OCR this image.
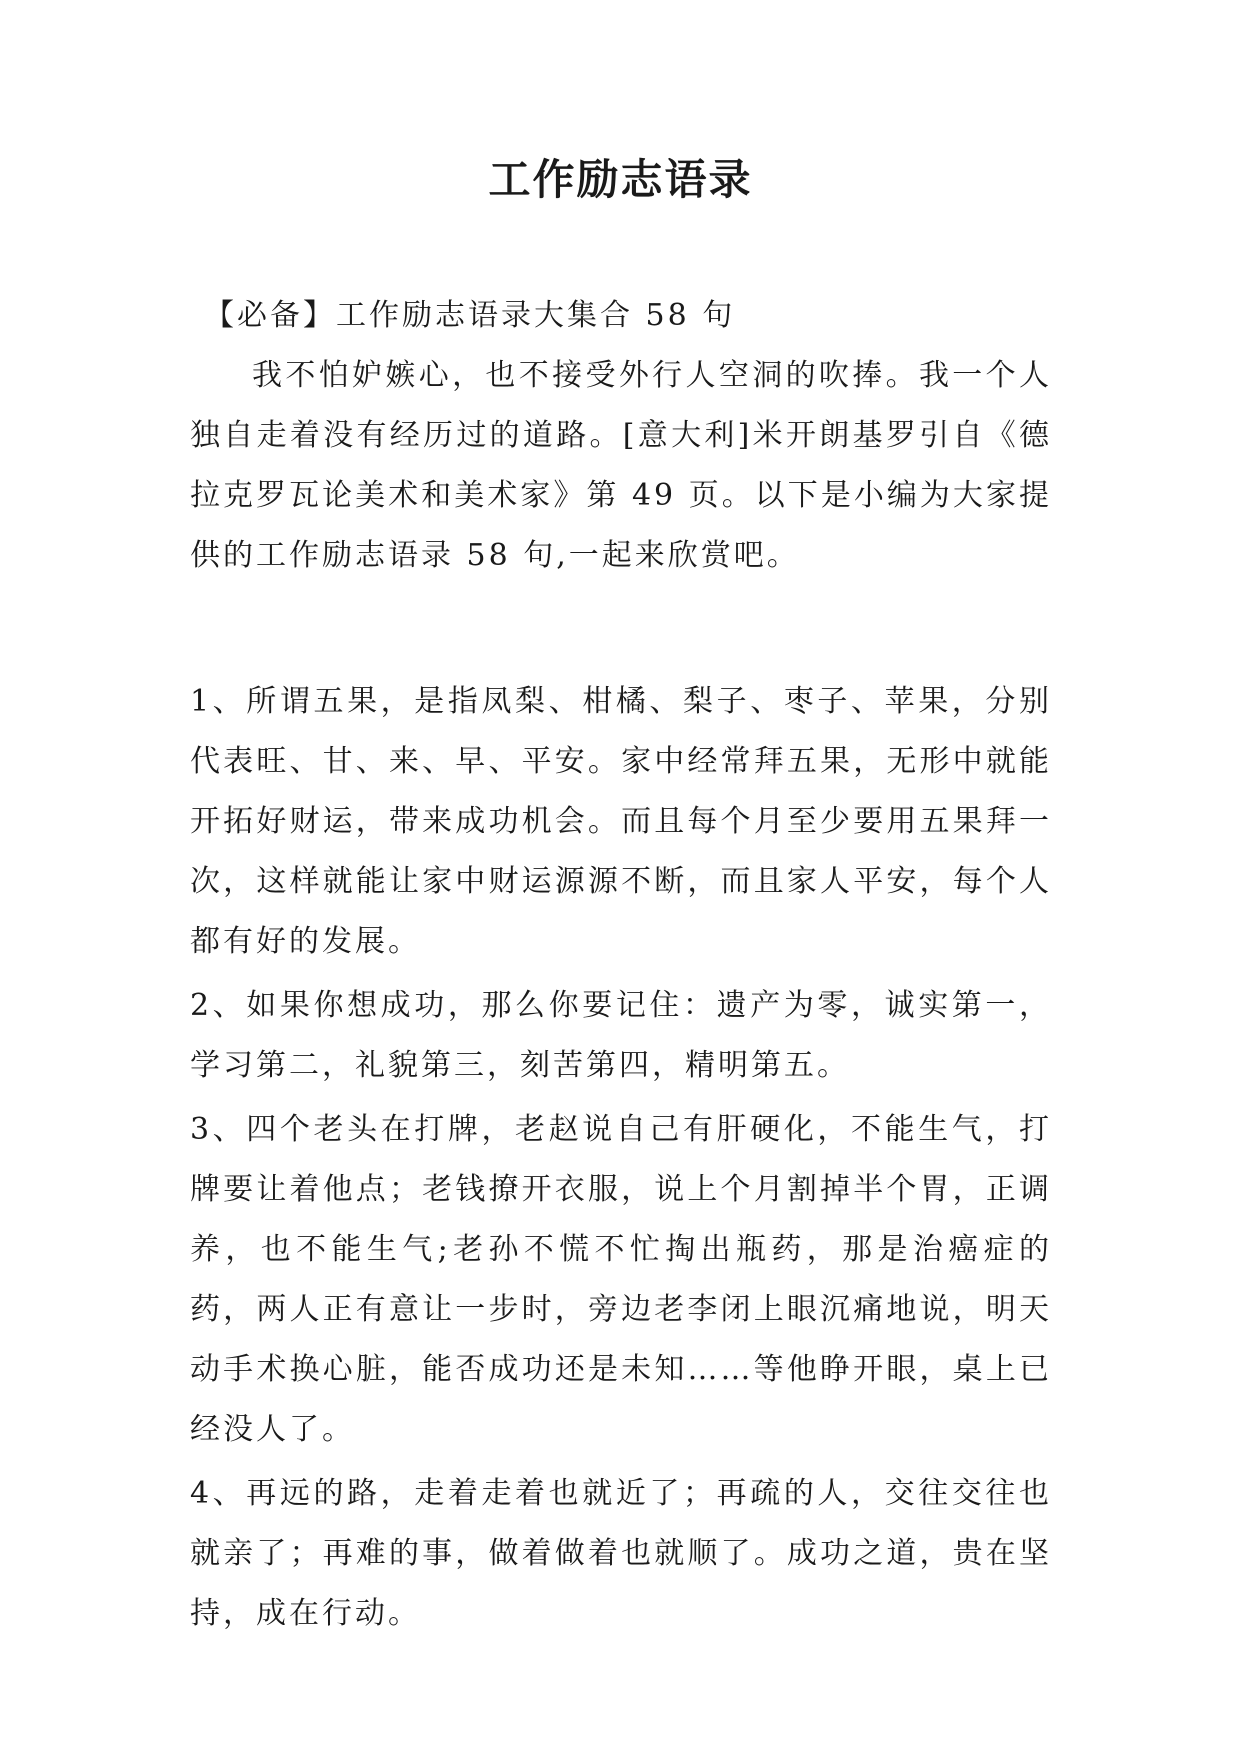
工作励志语录

【必备】工作励志语录大集合 58 句

我不怕妒嫉心，也不接受外行人空洞的吹捧。我一个人独自走着没有经历过的道路。[意大利]米开朗基罗引自《德拉克罗瓦论美术和美术家》第 49 页。以下是小编为大家提供的工作励志语录 58 句,一起来欣赏吧。

1、所谓五果，是指凤梨、柑橘、梨子、枣子、苹果，分别代表旺、甘、来、早、平安。家中经常拜五果，无形中就能开拓好财运，带来成功机会。而且每个月至少要用五果拜一次，这样就能让家中财运源源不断，而且家人平安，每个人都有好的发展。

2、如果你想成功，那么你要记住：遗产为零，诚实第一，学习第二，礼貌第三，刻苦第四，精明第五。

3、四个老头在打牌，老赵说自己有肝硬化，不能生气，打牌要让着他点；老钱撩开衣服，说上个月割掉半个胃，正调养，也不能生气;老孙不慌不忙掏出瓶药，那是治癌症的药，两人正有意让一步时，旁边老李闭上眼沉痛地说，明天动手术换心脏，能否成功还是未知……等他睁开眼，桌上已经没人了。

4、再远的路，走着走着也就近了；再疏的人，交往交往也就亲了；再难的事，做着做着也就顺了。成功之道，贵在坚持，成在行动。
